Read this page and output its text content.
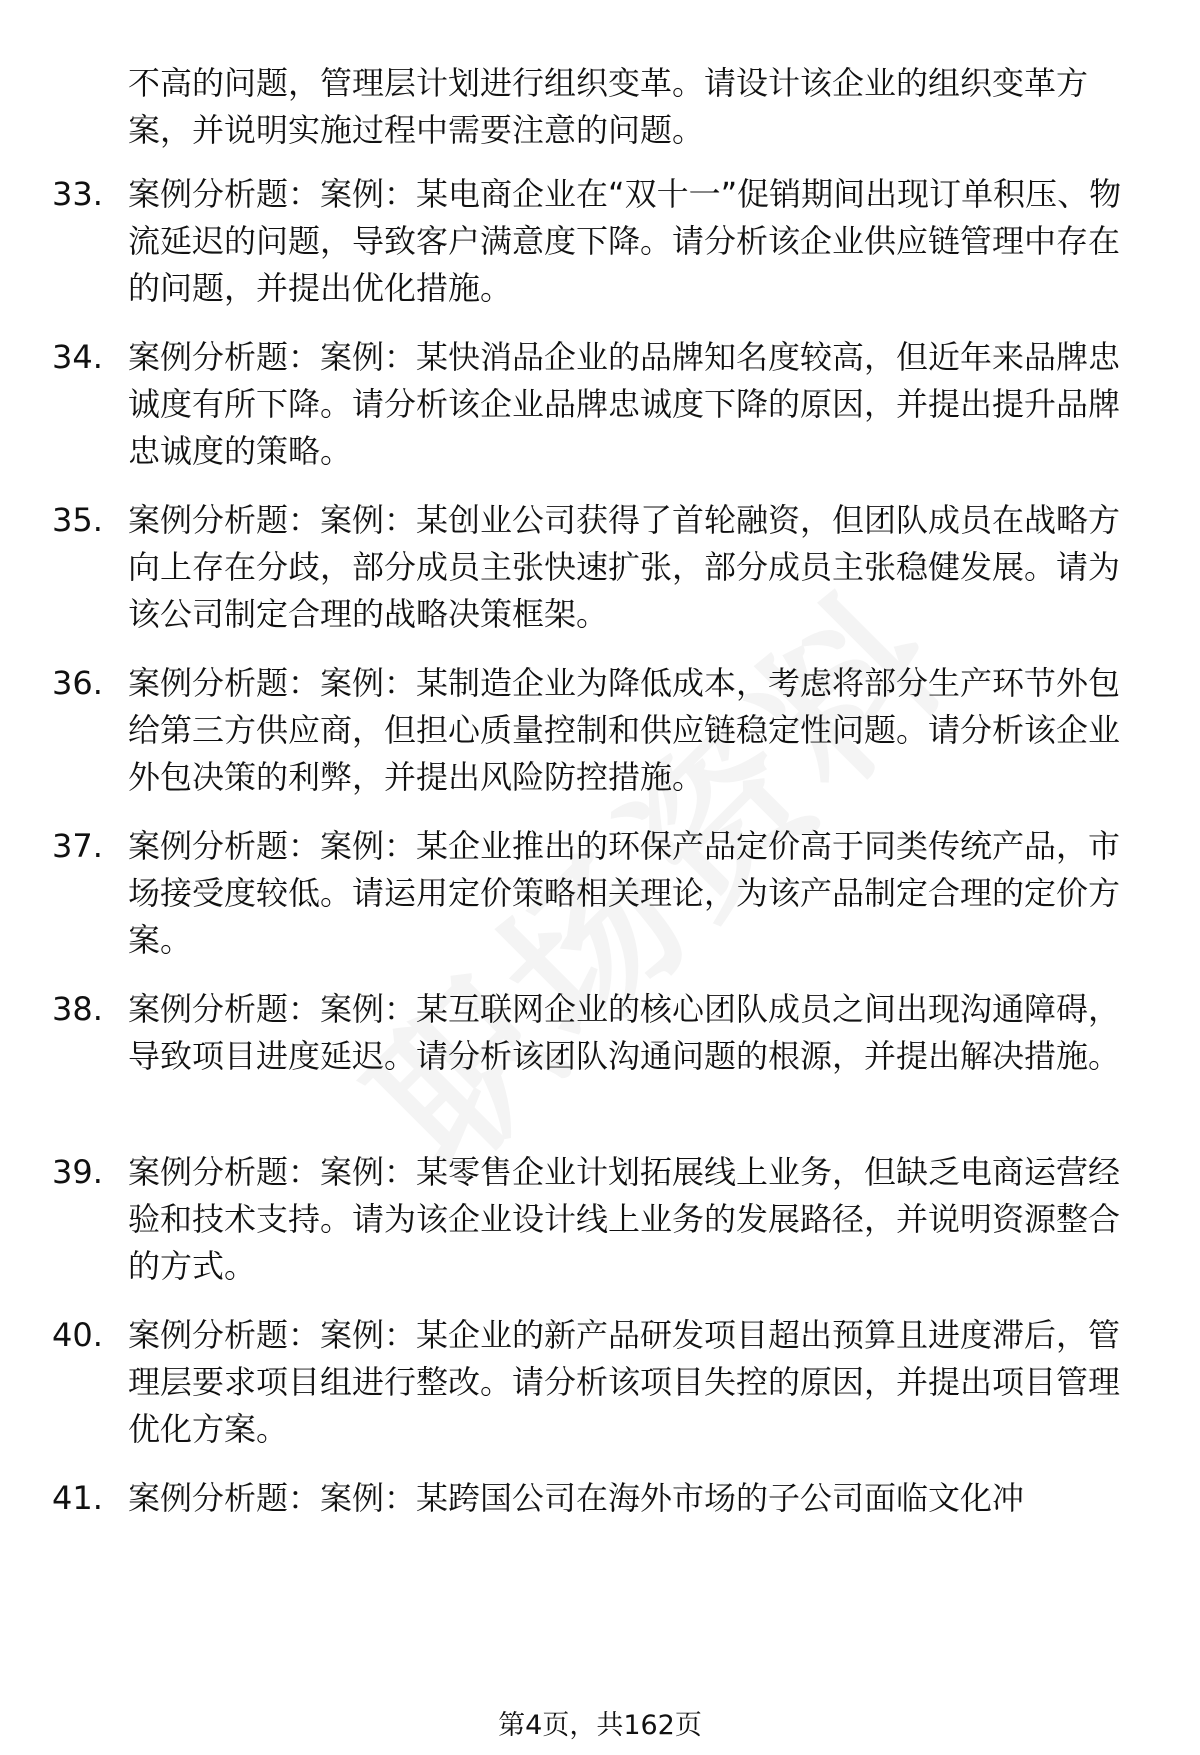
不高的问题，管理层计划进行组织变革。请设计该企业的组织变革方案，并说明实施过程中需要注意的问题。

33. 案例分析题：案例：某电商企业在“双十一”促销期间出现订单积压、物流延迟的问题，导致客户满意度下降。请分析该企业供应链管理中存在的问题，并提出优化措施。

34. 案例分析题：案例：某快消品企业的品牌知名度较高，但近年来品牌忠诚度有所下降。请分析该企业品牌忠诚度下降的原因，并提出提升品牌忠诚度的策略。

35. 案例分析题：案例：某创业公司获得了首轮融资，但团队成员在战略方向上存在分歧，部分成员主张快速扩张，部分成员主张稳健发展。请为该公司制定合理的战略决策框架。

36. 案例分析题：案例：某制造企业为降低成本，考虑将部分生产环节外包给第三方供应商，但担心质量控制和供应链稳定性问题。请分析该企业外包决策的利弊，并提出风险防控措施。

37. 案例分析题：案例：某企业推出的环保产品定价高于同类传统产品，市场接受度较低。请运用定价策略相关理论，为该产品制定合理的定价方案。

38. 案例分析题：案例：某互联网企业的核心团队成员之间出现沟通障碍，导致项目进度延迟。请分析该团队沟通问题的根源，并提出解决措施。

39. 案例分析题：案例：某零售企业计划拓展线上业务，但缺乏电商运营经验和技术支持。请为该企业设计线上业务的发展路径，并说明资源整合的方式。

40. 案例分析题：案例：某企业的新产品研发项目超出预算且进度滞后，管理层要求项目组进行整改。请分析该项目失控的原因，并提出项目管理优化方案。

41. 案例分析题：案例：某跨国公司在海外市场的子公司面临文化冲

第4页，共162页
